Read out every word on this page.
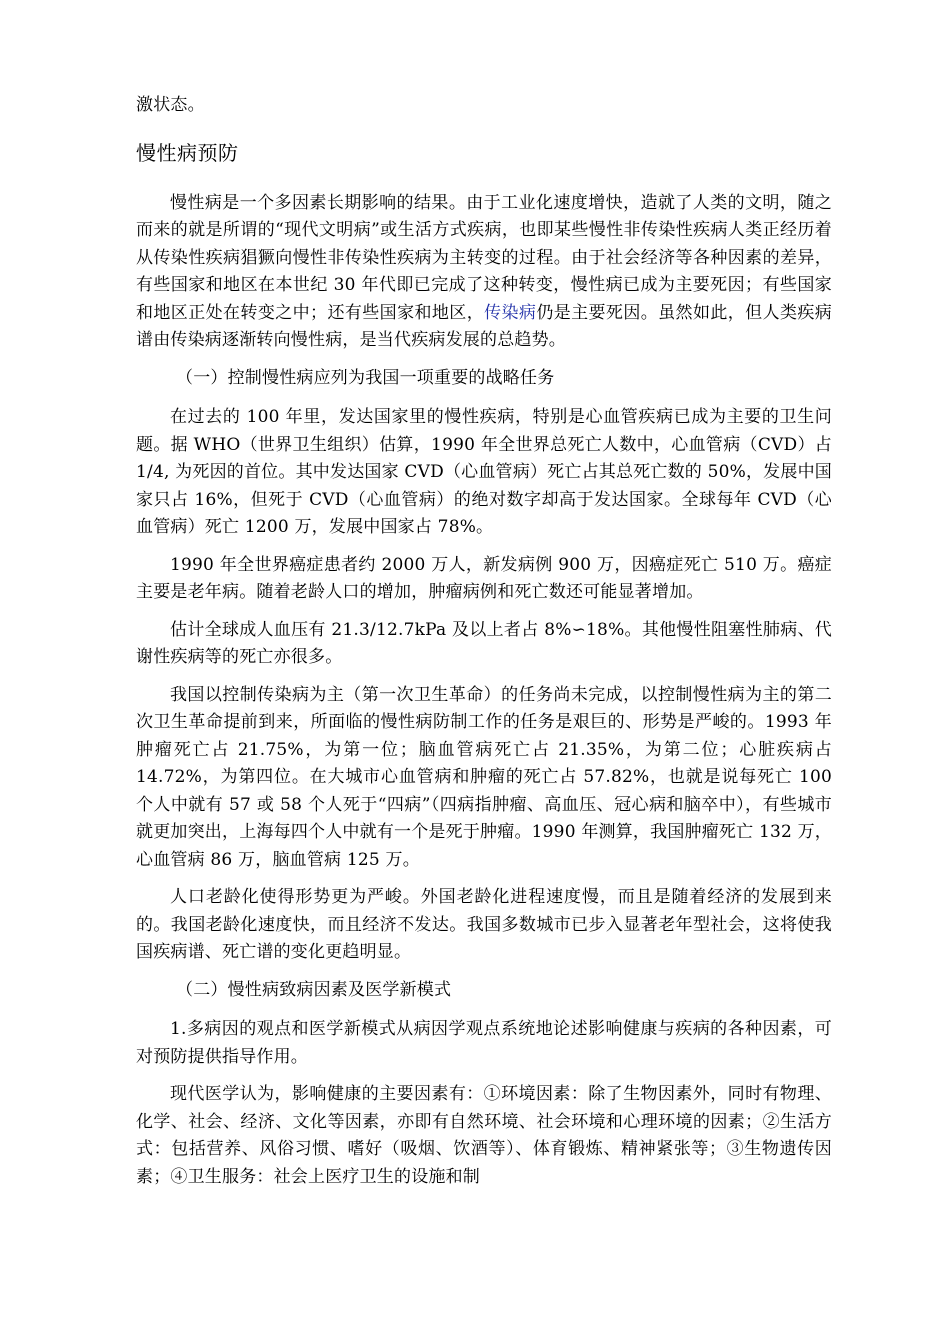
激状态。

慢性病预防

慢性病是一个多因素长期影响的结果。由于工业化速度增快，造就了人类的文明，随之而来的就是所谓的“现代文明病”或生活方式疾病，也即某些慢性非传染性疾病人类正经历着从传染性疾病猖獗向慢性非传染性疾病为主转变的过程。由于社会经济等各种因素的差异，有些国家和地区在本世纪 30 年代即已完成了这种转变，慢性病已成为主要死因；有些国家和地区正处在转变之中；还有些国家和地区，传染病仍是主要死因。虽然如此，但人类疾病谱由传染病逐渐转向慢性病，是当代疾病发展的总趋势。

（一）控制慢性病应列为我国一项重要的战略任务

在过去的 100 年里，发达国家里的慢性疾病，特别是心血管疾病已成为主要的卫生问题。据 WHO（世界卫生组织）估算，1990 年全世界总死亡人数中，心血管病（CVD）占 1/4, 为死因的首位。其中发达国家 CVD（心血管病）死亡占其总死亡数的 50%，发展中国家只占 16%，但死于 CVD（心血管病）的绝对数字却高于发达国家。全球每年 CVD（心血管病）死亡 1200 万，发展中国家占 78%。

1990 年全世界癌症患者约 2000 万人，新发病例 900 万，因癌症死亡 510 万。癌症主要是老年病。随着老龄人口的增加，肿瘤病例和死亡数还可能显著增加。

估计全球成人血压有 21.3/12.7kPa 及以上者占 8%∽18%。其他慢性阻塞性肺病、代谢性疾病等的死亡亦很多。

我国以控制传染病为主（第一次卫生革命）的任务尚未完成，以控制慢性病为主的第二次卫生革命提前到来，所面临的慢性病防制工作的任务是艰巨的、形势是严峻的。1993 年肿瘤死亡占 21.75%，为第一位；脑血管病死亡占 21.35%，为第二位；心脏疾病占 14.72%，为第四位。在大城市心血管病和肿瘤的死亡占 57.82%，也就是说每死亡 100 个人中就有 57 或 58 个人死于“四病”（四病指肿瘤、高血压、冠心病和脑卒中），有些城市就更加突出，上海每四个人中就有一个是死于肿瘤。1990 年测算，我国肿瘤死亡 132 万，心血管病 86 万，脑血管病 125 万。

人口老龄化使得形势更为严峻。外国老龄化进程速度慢，而且是随着经济的发展到来的。我国老龄化速度快，而且经济不发达。我国多数城市已步入显著老年型社会，这将使我国疾病谱、死亡谱的变化更趋明显。

（二）慢性病致病因素及医学新模式

1.多病因的观点和医学新模式从病因学观点系统地论述影响健康与疾病的各种因素，可对预防提供指导作用。

现代医学认为，影响健康的主要因素有：①环境因素：除了生物因素外，同时有物理、化学、社会、经济、文化等因素，亦即有自然环境、社会环境和心理环境的因素；②生活方式：包括营养、风俗习惯、嗜好（吸烟、饮酒等）、体育锻炼、精神紧张等；③生物遗传因素；④卫生服务：社会上医疗卫生的设施和制
